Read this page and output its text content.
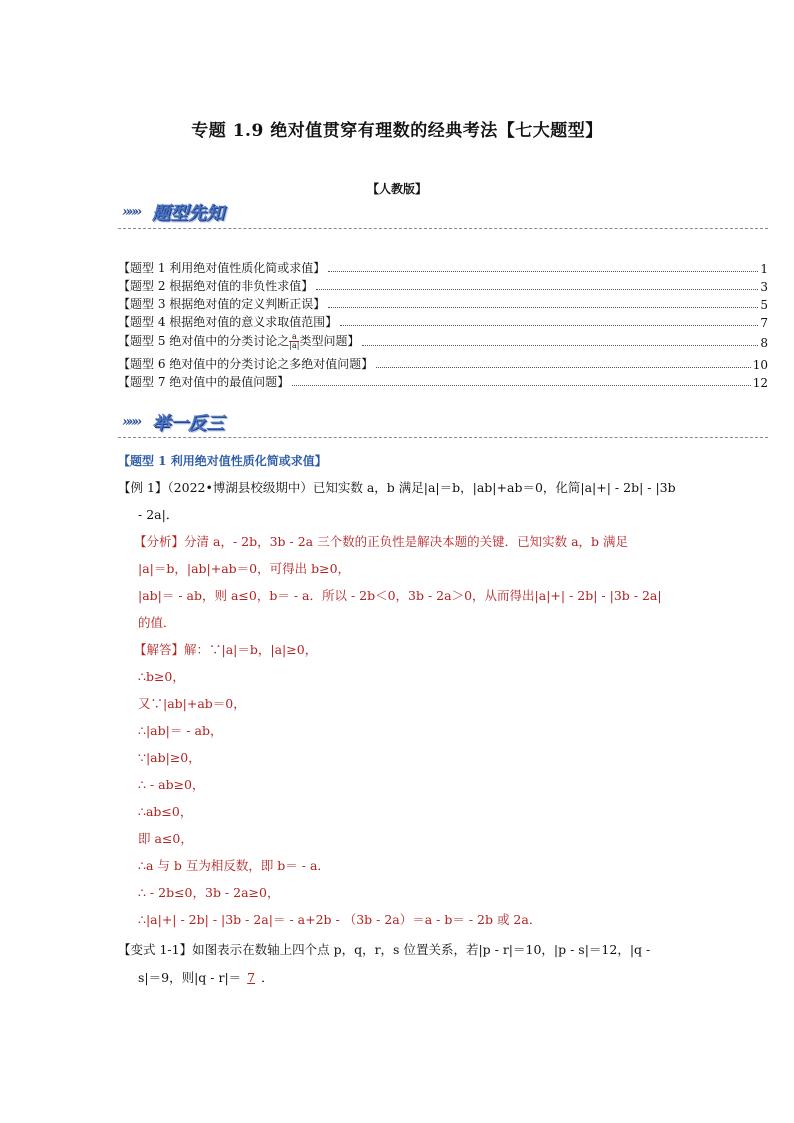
专题 1.9 绝对值贯穿有理数的经典考法【七大题型】
【人教版】
»»» 题型先知
【题型 1 利用绝对值性质化简或求值】	1
【题型 2 根据绝对值的非负性求值】	3
【题型 3 根据绝对值的定义判断正误】	5
【题型 4 根据绝对值的意义求取值范围】	7
【题型 5 绝对值中的分类讨论之 $\frac{a}{|a|}$ 类型问题】	8
【题型 6 绝对值中的分类讨论之多绝对值问题】	10
【题型 7 绝对值中的最值问题】	12
»»» 举一反三
【题型 1 利用绝对值性质化简或求值】
【例 1】（2022•博湖县校级期中）已知实数 a，b 满足|a|＝b，|ab|+ab＝0，化简|a|+| - 2b| - |3b
- 2a|．
【分析】分清 a，- 2b，3b - 2a 三个数的正负性是解决本题的关键．已知实数 a，b 满足
|a|＝b，|ab|+ab＝0，可得出 b≥0，
|ab|＝ - ab，则 a≤0，b＝ - a．所以 - 2b＜0，3b - 2a＞0，从而得出|a|+| - 2b| - |3b - 2a|
的值．
【解答】解：∵|a|＝b，|a|≥0，
∴b≥0，
又∵|ab|+ab＝0，
∴|ab|＝ - ab，
∵|ab|≥0，
∴ - ab≥0，
∴ab≤0，
即 a≤0，
∴a 与 b 互为相反数，即 b＝ - a．
∴ - 2b≤0，3b - 2a≥0，
∴|a|+| - 2b| - |3b - 2a|＝ - a+2b - （3b - 2a）＝a - b＝ - 2b 或 2a．
【变式 1-1】如图表示在数轴上四个点 p，q，r，s 位置关系，若|p - r|＝10，|p - s|＝12，|q -
s|＝9，则|q - r|＝ 7 ．
